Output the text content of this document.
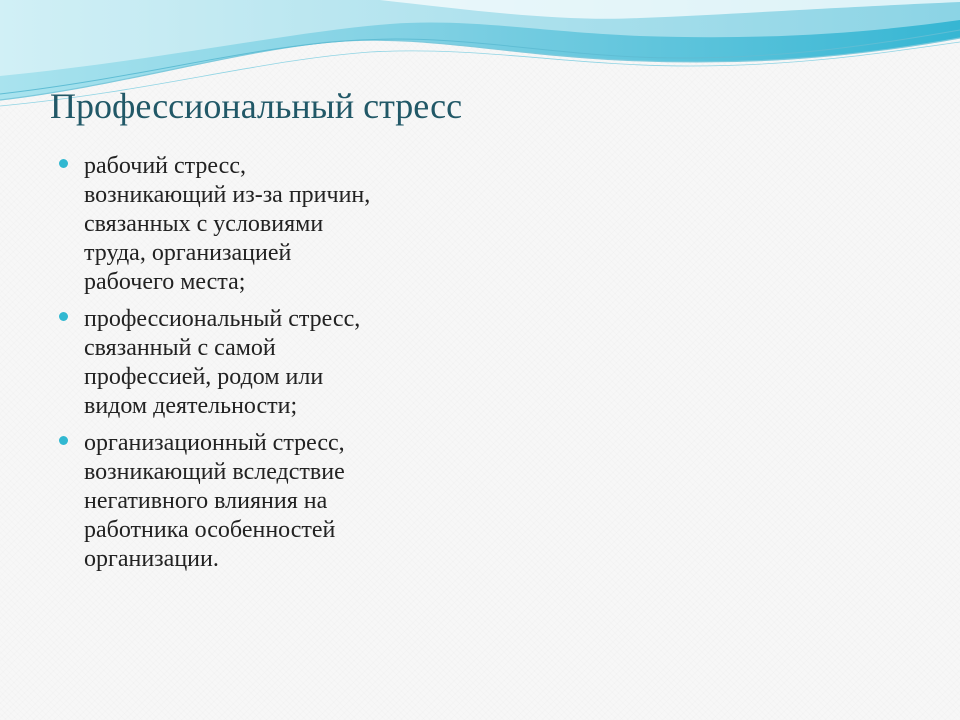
Профессиональный стресс
рабочий стресс,
возникающий из-за причин,
связанных с условиями
труда, организацией
рабочего места;
профессиональный стресс,
связанный с самой
профессией, родом или
видом деятельности;
организационный стресс,
возникающий вследствие
негативного влияния на
работника особенностей
организации.
